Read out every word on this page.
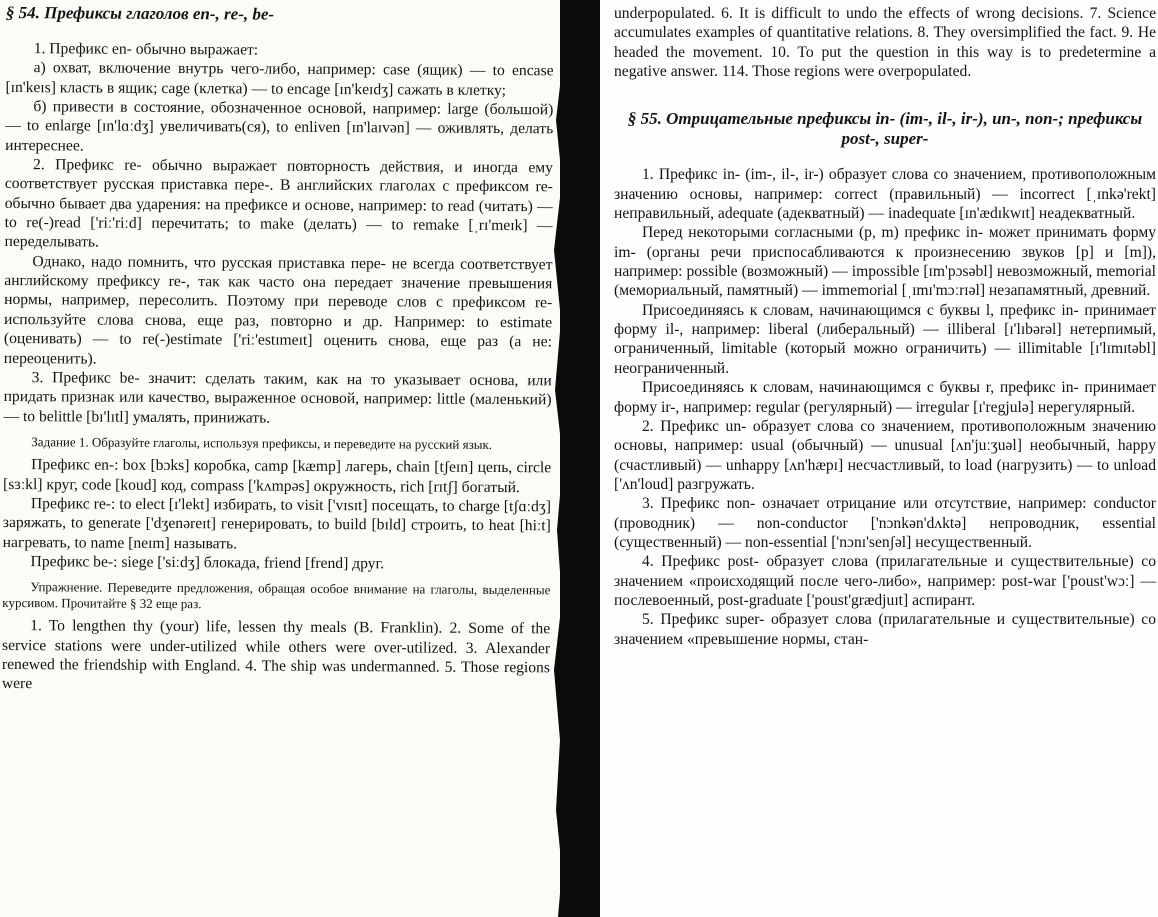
§ 54. Префиксы глаголов en-, re-, be-

1. Префикс en- обычно выражает:

а) охват, включение внутрь чего-либо, например: case (ящик) — to encase [ɪn'keɪs] класть в ящик; cage (клетка) — to encage [ɪn'keɪdʒ] сажать в клетку;

б) привести в состояние, обозначенное основой, например: large (большой) — to enlarge [ɪn'lɑːdʒ] увеличивать(ся), to enliven [ɪn'laɪvən] — оживлять, делать интереснее.

2. Префикс re- обычно выражает повторность действия, и иногда ему соответствует русская приставка пере-. В английских глаголах с префиксом re- обычно бывает два ударения: на префиксе и основе, например: to read (читать) — to re(-)read ['riː'riːd] перечитать; to make (делать) — to remake [ˌrɪ'meɪk] — переделывать.

Однако, надо помнить, что русская приставка пере- не всегда соответствует английскому префиксу re-, так как часто она передает значение превышения нормы, например, пересолить. Поэтому при переводе слов с префиксом re- используйте слова снова, еще раз, повторно и др. Например: to estimate (оценивать) — to re(-)estimate ['riː'estɪmeɪt] оценить снова, еще раз (а не: переоценить).

3. Префикс be- значит: сделать таким, как на то указывает основа, или придать признак или качество, выраженное основой, например: little (маленький) — to belittle [bɪ'lɪtl] умалять, принижать.

Задание 1. Образуйте глаголы, используя префиксы, и переведите на русский язык.

Префикс en-: box [bɔks] коробка, camp [kæmp] лагерь, chain [tʃeɪn] цепь, circle [sɜːkl] круг, code [koud] код, compass ['kʌmpəs] окружность, rich [rɪtʃ] богатый.

Префикс re-: to elect [ɪ'lekt] избирать, to visit ['vɪsɪt] посещать, to charge [tʃɑːdʒ] заряжать, to generate ['dʒenəreɪt] генерировать, to build [bɪld] строить, to heat [hiːt] нагревать, to name [neɪm] называть.

Префикс be-: siege ['siːdʒ] блокада, friend [frend] друг.

Упражнение. Переведите предложения, обращая особое внимание на глаголы, выделенные курсивом. Прочитайте § 32 еще раз.

1. To lengthen thy (your) life, lessen thy meals (B. Franklin). 2. Some of the service stations were under-utilized while others were over-utilized. 3. Alexander renewed the friendship with England. 4. The ship was undermanned. 5. Those regions were

underpopulated. 6. It is difficult to undo the effects of wrong decisions. 7. Science accumulates examples of quantitative relations. 8. They oversimplified the fact. 9. He headed the movement. 10. To put the question in this way is to predetermine a negative answer. 114. Those regions were overpopulated.

§ 55. Отрицательные префиксы in- (im-, il-, ir-), un-, non-; префиксы post-, super-

1. Префикс in- (im-, il-, ir-) образует слова со значением, противоположным значению основы, например: correct (правильный) — incorrect [ˌɪnkə'rekt] неправильный, adequate (адекватный) — inadequate [ɪn'ædɪkwɪt] неадекватный.

Перед некоторыми согласными (p, m) префикс in- может принимать форму im- (органы речи приспосабливаются к произнесению звуков [p] и [m]), например: possible (возможный) — impossible [ɪm'pɔsəbl] невозможный, memorial (мемориальный, памятный) — immemorial [ˌɪmɪ'mɔːrɪəl] незапамятный, древний.

Присоединяясь к словам, начинающимся с буквы l, префикс in- принимает форму il-, например: liberal (либеральный) — illiberal [ɪ'lɪbərəl] нетерпимый, ограниченный, limitable (который можно ограничить) — illimitable [ɪ'lɪmɪtəbl] неограниченный.

Присоединяясь к словам, начинающимся с буквы r, префикс in- принимает форму ir-, например: regular (регулярный) — irregular [ɪ'regjulə] нерегулярный.

2. Префикс un- образует слова со значением, противоположным значению основы, например: usual (обычный) — unusual [ʌn'juːʒuəl] необычный, happy (счастливый) — unhappy [ʌn'hæpɪ] несчастливый, to load (нагрузить) — to unload ['ʌn'loud] разгружать.

3. Префикс non- означает отрицание или отсутствие, например: conductor (проводник) — non-conductor ['nɔnkən'dʌktə] непроводник, essential (существенный) — non-essential ['nɔnɪ'senʃəl] несущественный.

4. Префикс post- образует слова (прилагательные и существительные) со значением «происходящий после чего-либо», например: post-war ['poust'wɔː] — послевоенный, post-graduate ['poust'grædjuɪt] аспирант.

5. Префикс super- образует слова (прилагательные и существительные) со значением «превышение нормы, стан-
